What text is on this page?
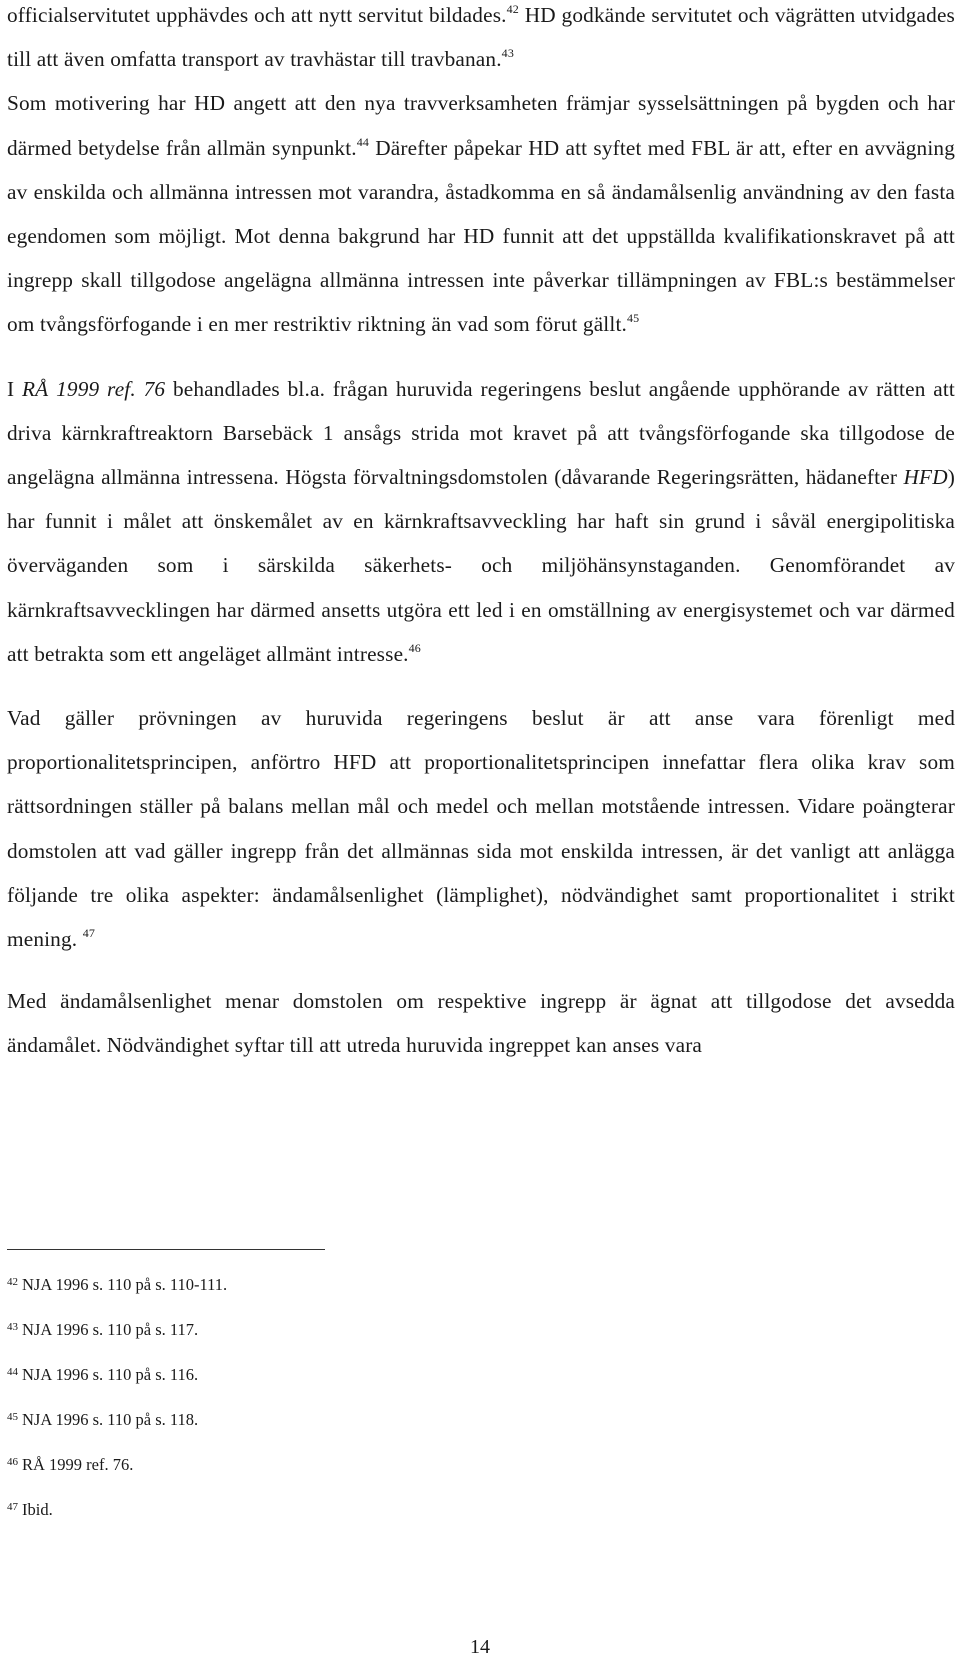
officialservitutet upphävdes och att nytt servitut bildades.$^{42}$ HD godkände servitutet och vägrätten utvidgades till att även omfatta transport av travhästar till travbanan.$^{43}$

Som motivering har HD angett att den nya travverksamheten främjar sysselsättningen på bygden och har därmed betydelse från allmän synpunkt.$^{44}$ Därefter påpekar HD att syftet med FBL är att, efter en avvägning av enskilda och allmänna intressen mot varandra, åstadkomma en så ändamålsenlig användning av den fasta egendomen som möjligt. Mot denna bakgrund har HD funnit att det uppställda kvalifikationskravet på att ingrepp skall tillgodose angelägna allmänna intressen inte påverkar tillämpningen av FBL:s bestämmelser om tvångsförfogande i en mer restriktiv riktning än vad som förut gällt.$^{45}$

I RÅ 1999 ref. 76 behandlades bl.a. frågan huruvida regeringens beslut angående upphörande av rätten att driva kärnkraftreaktorn Barsebäck 1 ansågs strida mot kravet på att tvångsförfogande ska tillgodose de angelägna allmänna intressena. Högsta förvaltningsdomstolen (dåvarande Regeringsrätten, hädanefter HFD) har funnit i målet att önskemålet av en kärnkraftsavveckling har haft sin grund i såväl energipolitiska överväganden som i särskilda säkerhets- och miljöhänsynstaganden. Genomförandet av kärnkraftsavvecklingen har därmed ansetts utgöra ett led i en omställning av energisystemet och var därmed att betrakta som ett angeläget allmänt intresse.$^{46}$

Vad gäller prövningen av huruvida regeringens beslut är att anse vara förenligt med proportionalitetsprincipen, anförtro HFD att proportionalitetsprincipen innefattar flera olika krav som rättsordningen ställer på balans mellan mål och medel och mellan motstående intressen. Vidare poängterar domstolen att vad gäller ingrepp från det allmännas sida mot enskilda intressen, är det vanligt att anlägga följande tre olika aspekter: ändamålsenlighet (lämplighet), nödvändighet samt proportionalitet i strikt mening. $^{47}$

Med ändamålsenlighet menar domstolen om respektive ingrepp är ägnat att tillgodose det avsedda ändamålet. Nödvändighet syftar till att utreda huruvida ingreppet kan anses vara

$^{42}$ NJA 1996 s. 110 på s. 110-111.
$^{43}$ NJA 1996 s. 110 på s. 117.
$^{44}$ NJA 1996 s. 110 på s. 116.
$^{45}$ NJA 1996 s. 110 på s. 118.
$^{46}$ RÅ 1999 ref. 76.
$^{47}$ Ibid.
14
